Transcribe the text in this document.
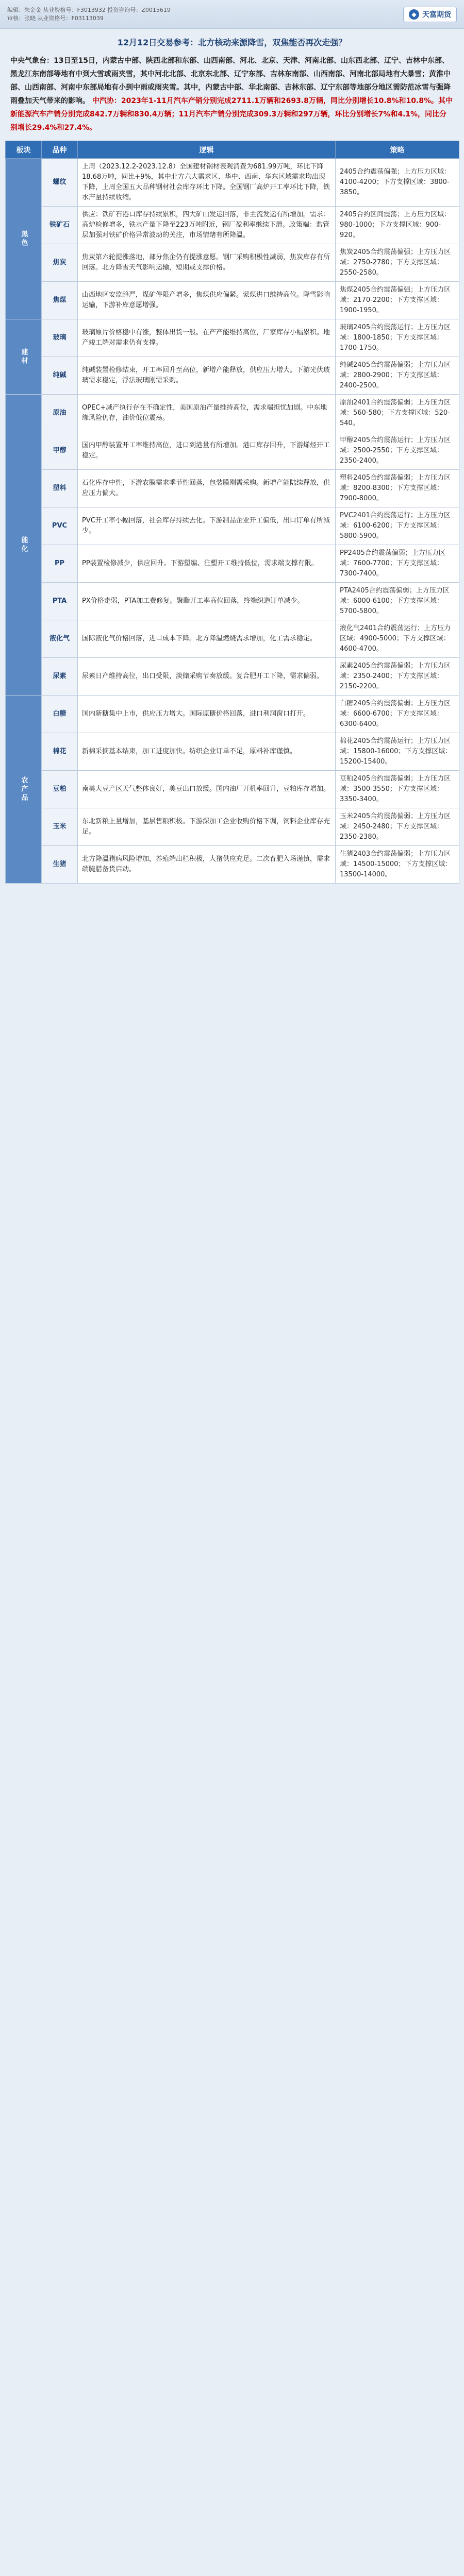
编辑：朱金金 从业资格号：F3013932 投资咨询号：Z0015619
审核：张晓 从业资格号：F03113039
◆ 天富期货
12月12日交易参考：北方核动来源降雪，双焦能否再次走强？
中央气象台：13日至15日，内蒙古中部、陕西北部和东部、山西南部、河北、北京、天津、河南北部、山东西北部、辽宁、吉林中东部、黑龙江东南部等地有中到大雪或雨夹雪，其中河北北部、北京东北部、辽宁东部、吉林东南部、山西南部、河南北部局地有大暴雪；黄淮中部、山西南部、河南中东部局地有小到中雨或雨夹雪。其中，内蒙古中部、华北南部、吉林东部、辽宁东部等地部分地区需防范冰雪与强降雨叠加天气带来的影响。 中汽协：2023年1-11月汽车产销分别完成2711.1万辆和2693.8万辆，同比分别增长10.8%和10.8%。其中新能源汽车产销分别完成842.7万辆和830.4万辆；11月汽车产销分别完成309.3万辆和297万辆，环比分别增长7%和4.1%，同比分别增长29.4%和27.4%。
板块	品种	逻辑	策略
黑色	螺纹	上周（2023.12.2-2023.12.8）全国建材钢材表观消费为681.99万吨，环比下降18.68万吨，同比+9%，其中北方六大需求区、华中、西南、华东区域需求均出现下降，上周全国五大品种钢材社会库存环比下降。全国钢厂高炉开工率环比下降，铁水产量持续收缩。	2405合约震荡偏强；上方压力区域：4100-4200；下方支撑区域：3800-3850。
	铁矿石	供应：铁矿石港口库存持续累积，四大矿山发运回落，非主流发运有所增加。需求：高炉检修增多，铁水产量下降至223万吨附近，钢厂盈利率继续下滑。政策端：监管层加强对铁矿价格异常波动的关注，市场情绪有所降温。	2405合约区间震荡；上方压力区域：980-1000；下方支撑区域：900-920。
	焦炭	焦炭第六轮提涨落地，部分焦企仍有提涨意愿。钢厂采购积极性减弱，焦炭库存有所回落。北方降雪天气影响运输，短期或支撑价格。	焦炭2405合约震荡偏强；上方压力区域：2750-2780；下方支撑区域：2550-2580。
	焦煤	山西地区安监趋严，煤矿停限产增多，焦煤供应偏紧。蒙煤进口维持高位。降雪影响运输，下游补库意愿增强。	焦煤2405合约震荡偏强；上方压力区域：2170-2200；下方支撑区域：1900-1950。
建材	玻璃	玻璃原片价格稳中有涨，整体出货一般。在产产能维持高位，厂家库存小幅累积。地产竣工端对需求仍有支撑。	玻璃2405合约震荡运行；上方压力区域：1800-1850；下方支撑区域：1700-1750。
	纯碱	纯碱装置检修结束，开工率回升至高位，新增产能释放，供应压力增大。下游光伏玻璃需求稳定，浮法玻璃刚需采购。	纯碱2405合约震荡偏弱；上方压力区域：2800-2900；下方支撑区域：2400-2500。
能化	原油	OPEC+减产执行存在不确定性，美国原油产量维持高位，需求端担忧加剧。中东地缘风险仍存，油价低位震荡。	原油2401合约震荡偏弱；上方压力区域：560-580；下方支撑区域：520-540。
	甲醇	国内甲醇装置开工率维持高位，进口到港量有所增加。港口库存回升，下游烯烃开工稳定。	甲醇2405合约震荡运行；上方压力区域：2500-2550；下方支撑区域：2350-2400。
	塑料	石化库存中性，下游农膜需求季节性回落，包装膜刚需采购。新增产能陆续释放，供应压力偏大。	塑料2405合约震荡偏弱；上方压力区域：8200-8300；下方支撑区域：7900-8000。
	PVC	PVC开工率小幅回落，社会库存持续去化。下游制品企业开工偏低，出口订单有所减少。	PVC2401合约震荡运行；上方压力区域：6100-6200；下方支撑区域：5800-5900。
	PP	PP装置检修减少，供应回升。下游塑编、注塑开工维持低位，需求端支撑有限。	PP2405合约震荡偏弱；上方压力区域：7600-7700；下方支撑区域：7300-7400。
	PTA	PX价格走弱，PTA加工费修复。聚酯开工率高位回落，终端织造订单减少。	PTA2405合约震荡偏弱；上方压力区域：6000-6100；下方支撑区域：5700-5800。
	液化气	国际液化气价格回落，进口成本下降。北方降温燃烧需求增加，化工需求稳定。	液化气2401合约震荡运行；上方压力区域：4900-5000；下方支撑区域：4600-4700。
	尿素	尿素日产维持高位，出口受限，淡储采购节奏放缓。复合肥开工下降，需求偏弱。	尿素2405合约震荡偏弱；上方压力区域：2350-2400；下方支撑区域：2150-2200。
农产品	白糖	国内新糖集中上市，供应压力增大。国际原糖价格回落，进口利润窗口打开。	白糖2405合约震荡偏弱；上方压力区域：6600-6700；下方支撑区域：6300-6400。
	棉花	新棉采摘基本结束，加工进度加快。纺织企业订单不足，原料补库谨慎。	棉花2405合约震荡运行；上方压力区域：15800-16000；下方支撑区域：15200-15400。
	豆粕	南美大豆产区天气整体良好，美豆出口放缓。国内油厂开机率回升，豆粕库存增加。	豆粕2405合约震荡偏弱；上方压力区域：3500-3550；下方支撑区域：3350-3400。
	玉米	东北新粮上量增加，基层售粮积极。下游深加工企业收购价格下调，饲料企业库存充足。	玉米2405合约震荡偏弱；上方压力区域：2450-2480；下方支撑区域：2350-2380。
	生猪	北方降温猪病风险增加，养殖端出栏积极，大猪供应充足。二次育肥入场谨慎，需求端腌腊备货启动。	生猪2403合约震荡偏弱；上方压力区域：14500-15000；下方支撑区域：13500-14000。
